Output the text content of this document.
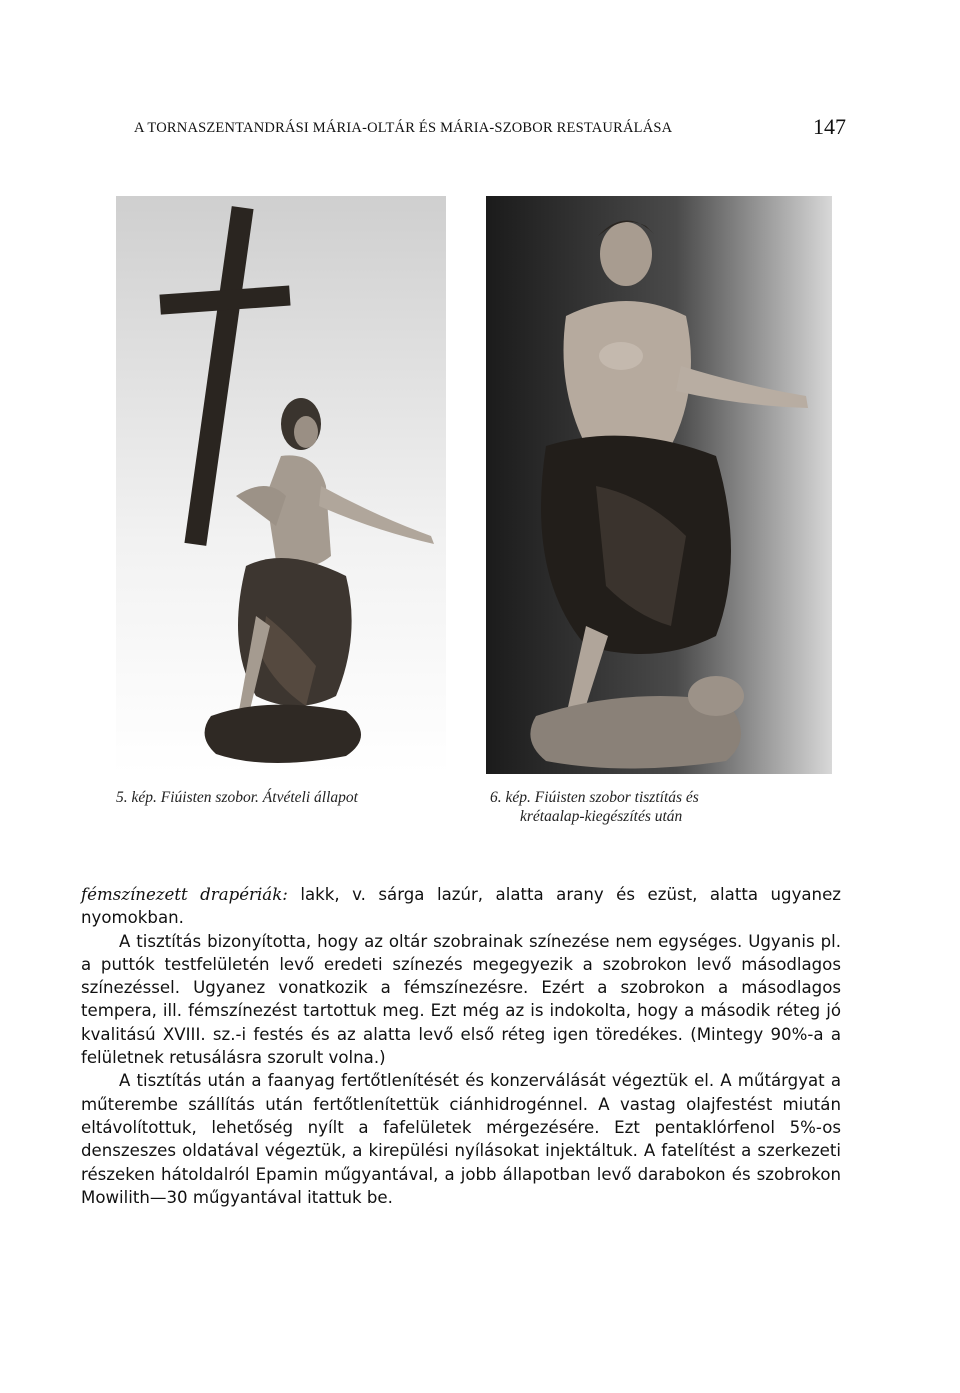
A TORNASZENTANDRÁSI MÁRIA-OLTÁR ÉS MÁRIA-SZOBOR RESTAURÁLÁSA	147
5. kép. Fiúisten szobor. Átvételi állapot	6. kép. Fiúisten szobor tisztítás és
krétaalap-kiegészítés után

fémszínezett drapériák: lakk, v. sárga lazúr, alatta arany és ezüst, alatta ugyanez nyomokban.

A tisztítás bizonyította, hogy az oltár szobrainak színezése nem egységes. Ugyanis pl. a puttók testfelületén levő eredeti színezés megegyezik a szobrokon levő másodlagos színezéssel. Ugyanez vonatkozik a fémszínezésre. Ezért a szobrokon a másodlagos tempera, ill. fémszínezést tartottuk meg. Ezt még az is indokolta, hogy a második réteg jó kvalitású XVIII. sz.-i festés és az alatta levő első réteg igen töredékes. (Mintegy 90%-a a felületnek retusálásra szorult volna.)

A tisztítás után a faanyag fertőtlenítését és konzerválását végeztük el. A műtárgyat a műterembe szállítás után fertőtlenítettük ciánhidrogénnel. A vastag olajfestést miután eltávolítottuk, lehetőség nyílt a fafelületek mérgezésére. Ezt pentaklórfenol 5%-os denszeszes oldatával végeztük, a kirepülési nyílásokat injektáltuk. A fatelítést a szerkezeti részeken hátoldalról Epamin műgyantával, a jobb állapotban levő darabokon és szobrokon Mowilith—30 műgyantával itattuk be.
